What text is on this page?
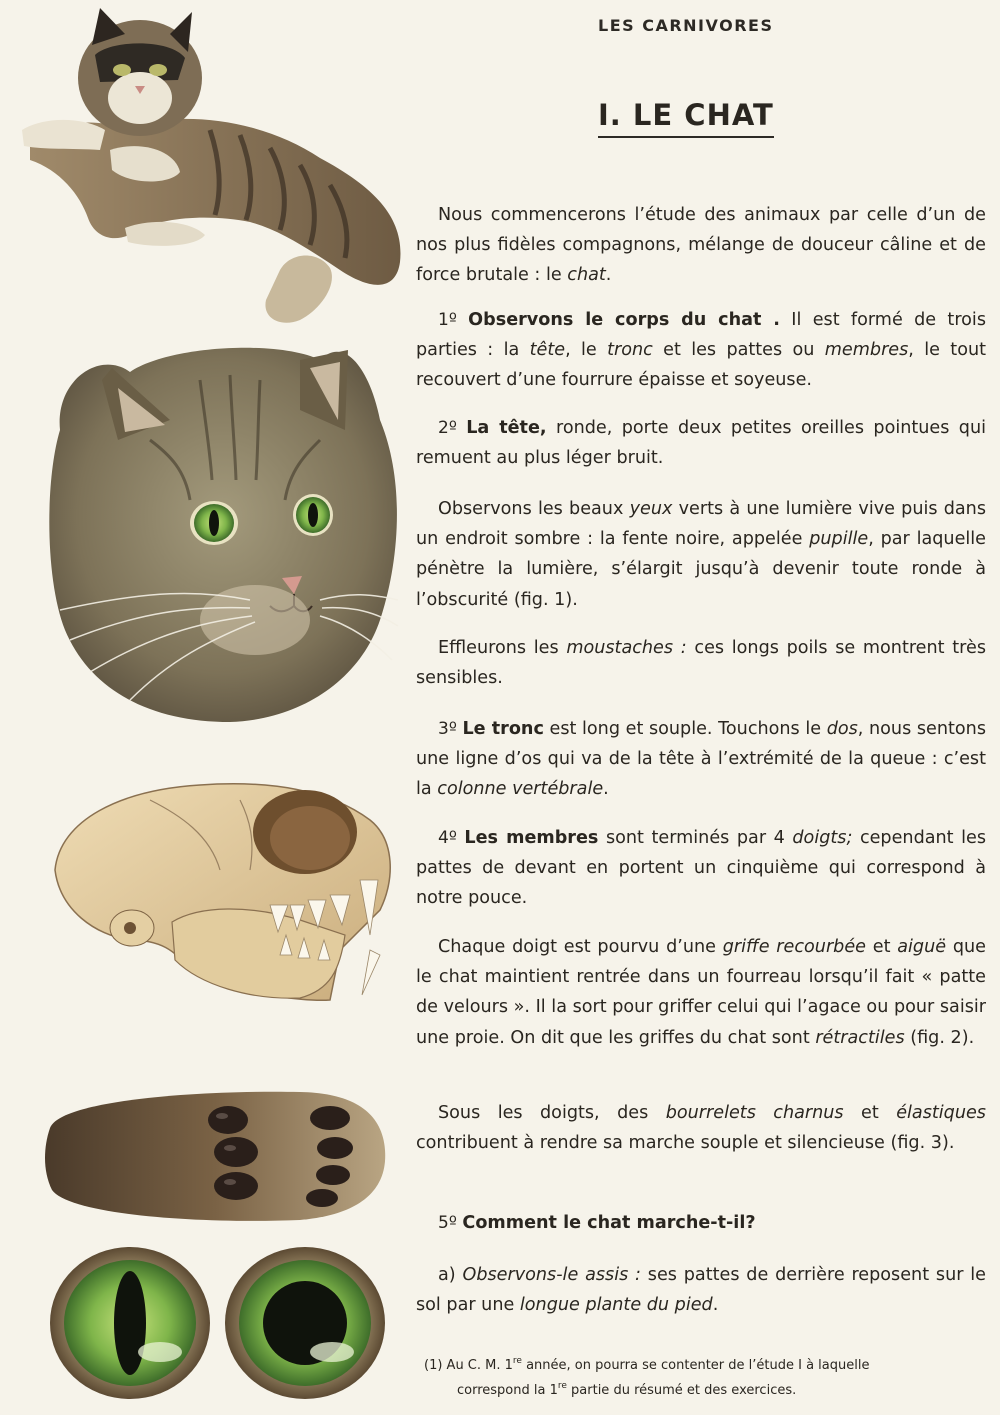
LES CARNIVORES
I. LE CHAT

Nous commencerons l’étude des animaux par celle d’un de nos plus fidèles compagnons, mélange de douceur câline et de force brutale : le chat.

1º Observons le corps du chat . Il est formé de trois parties : la tête, le tronc et les pattes ou membres, le tout recouvert d’une fourrure épaisse et soyeuse.

2º La tête, ronde, porte deux petites oreilles pointues qui remuent au plus léger bruit.

Observons les beaux yeux verts à une lumière vive puis dans un endroit sombre : la fente noire, appelée pupille, par laquelle pénètre la lumière, s’élargit jusqu’à devenir toute ronde à l’obscurité (fig. 1).

Effleurons les moustaches : ces longs poils se montrent très sensibles.

3º Le tronc est long et souple. Touchons le dos, nous sentons une ligne d’os qui va de la tête à l’extrémité de la queue : c’est la colonne vertébrale.

4º Les membres sont terminés par 4 doigts; cependant les pattes de devant en portent un cinquième qui correspond à notre pouce.

Chaque doigt est pourvu d’une griffe recourbée et aiguë que le chat maintient rentrée dans un fourreau lorsqu’il fait « patte de velours ». Il la sort pour griffer celui qui l’agace ou pour saisir une proie. On dit que les griffes du chat sont rétractiles (fig. 2).

Sous les doigts, des bourrelets charnus et élastiques contribuent à rendre sa marche souple et silencieuse (fig. 3).

5º Comment le chat marche-t-il?

a) Observons-le assis : ses pattes de derrière reposent sur le sol par une longue plante du pied.

(1) Au C. M. 1re année, on pourra se contenter de l’étude I à laquelle
correspond la 1re partie du résumé et des exercices.
